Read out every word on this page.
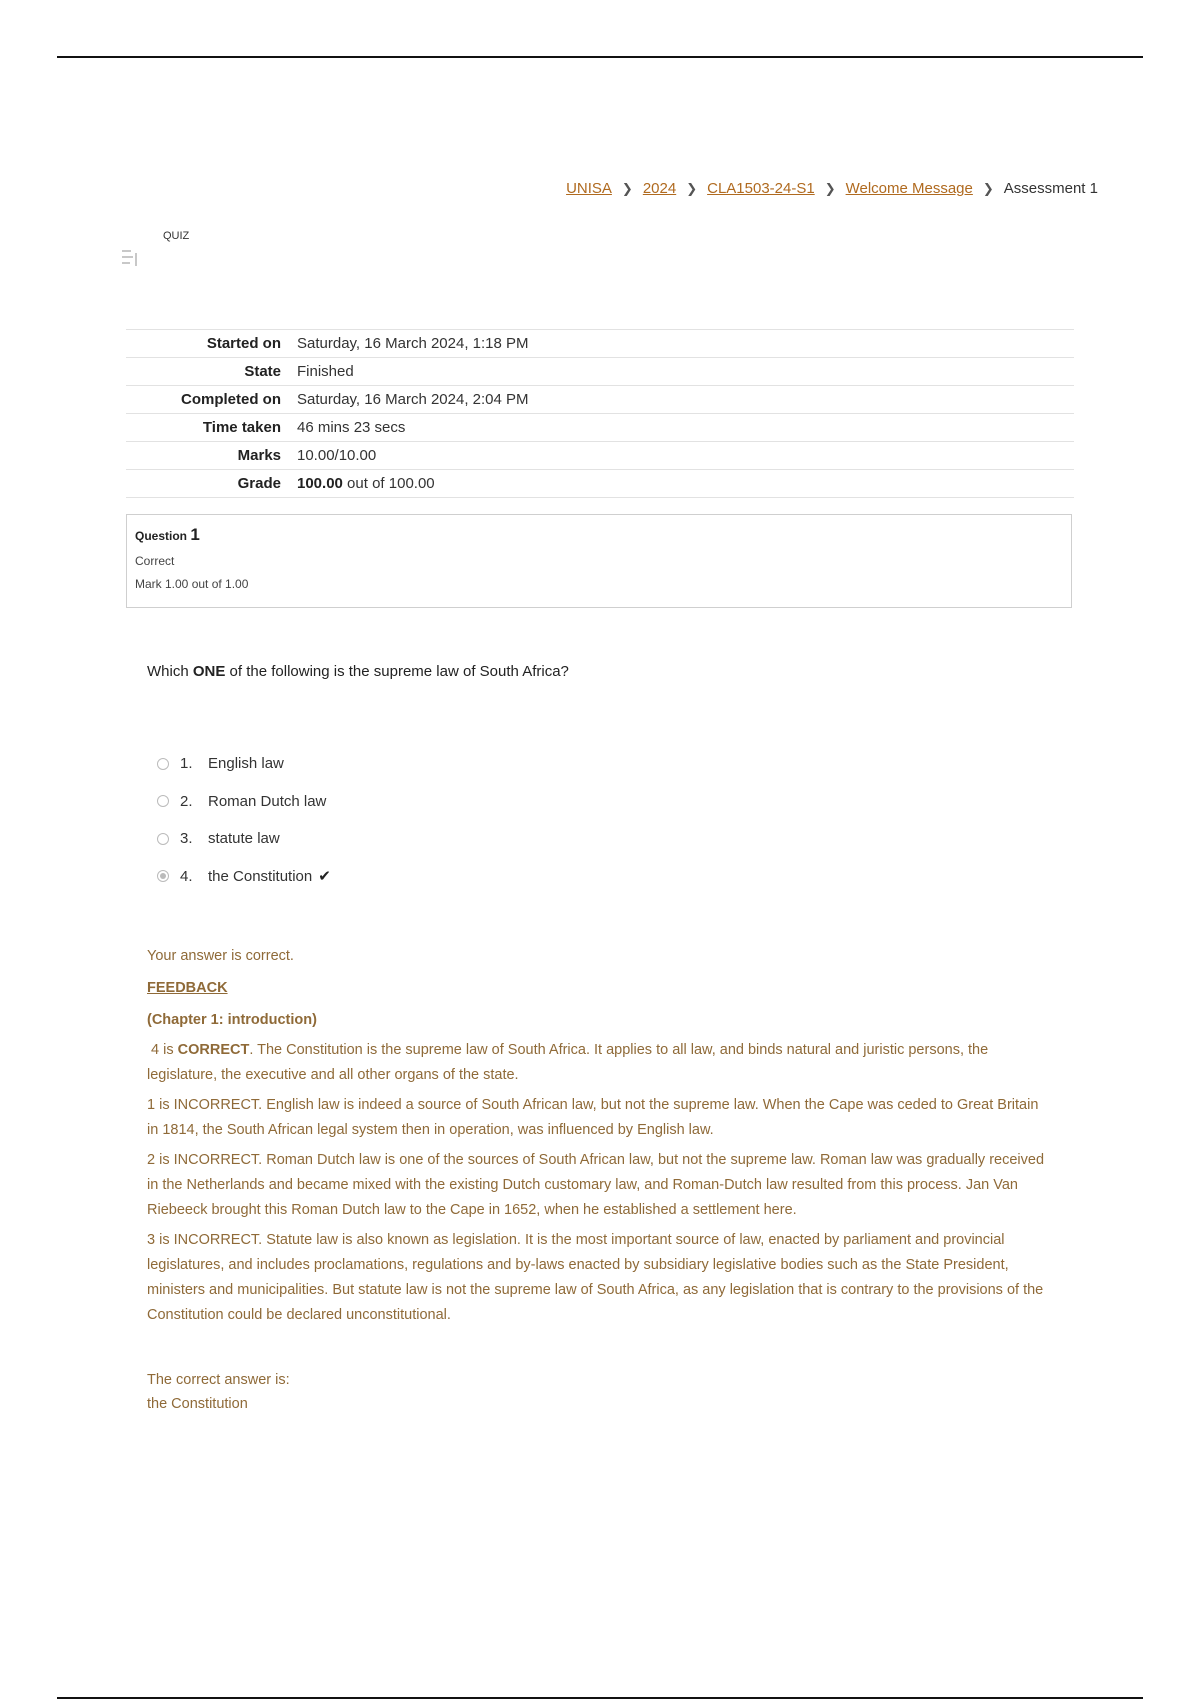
UNISA ❯ 2024 ❯ CLA1503-24-S1 ❯ Welcome Message ❯ Assessment 1
QUIZ
Started on	Saturday, 16 March 2024, 1:18 PM
State	Finished
Completed on	Saturday, 16 March 2024, 2:04 PM
Time taken	46 mins 23 secs
Marks	10.00/10.00
Grade	100.00 out of 100.00
Question 1
Correct
Mark 1.00 out of 1.00
Which ONE of the following is the supreme law of South Africa?
1.	English law
2.	Roman Dutch law
3.	statute law
4.	the Constitution ✔
Your answer is correct.
FEEDBACK
(Chapter 1: introduction)

4 is CORRECT. The Constitution is the supreme law of South Africa. It applies to all law, and binds natural and juristic persons, the legislature, the executive and all other organs of the state.

1 is INCORRECT. English law is indeed a source of South African law, but not the supreme law. When the Cape was ceded to Great Britain in 1814, the South African legal system then in operation, was influenced by English law.

2 is INCORRECT. Roman Dutch law is one of the sources of South African law, but not the supreme law. Roman law was gradually received in the Netherlands and became mixed with the existing Dutch customary law, and Roman-Dutch law resulted from this process. Jan Van Riebeeck brought this Roman Dutch law to the Cape in 1652, when he established a settlement here.

3 is INCORRECT. Statute law is also known as legislation. It is the most important source of law, enacted by parliament and provincial legislatures, and includes proclamations, regulations and by-laws enacted by subsidiary legislative bodies such as the State President, ministers and municipalities. But statute law is not the supreme law of South Africa, as any legislation that is contrary to the provisions of the Constitution could be declared unconstitutional.

The correct answer is:
the Constitution
